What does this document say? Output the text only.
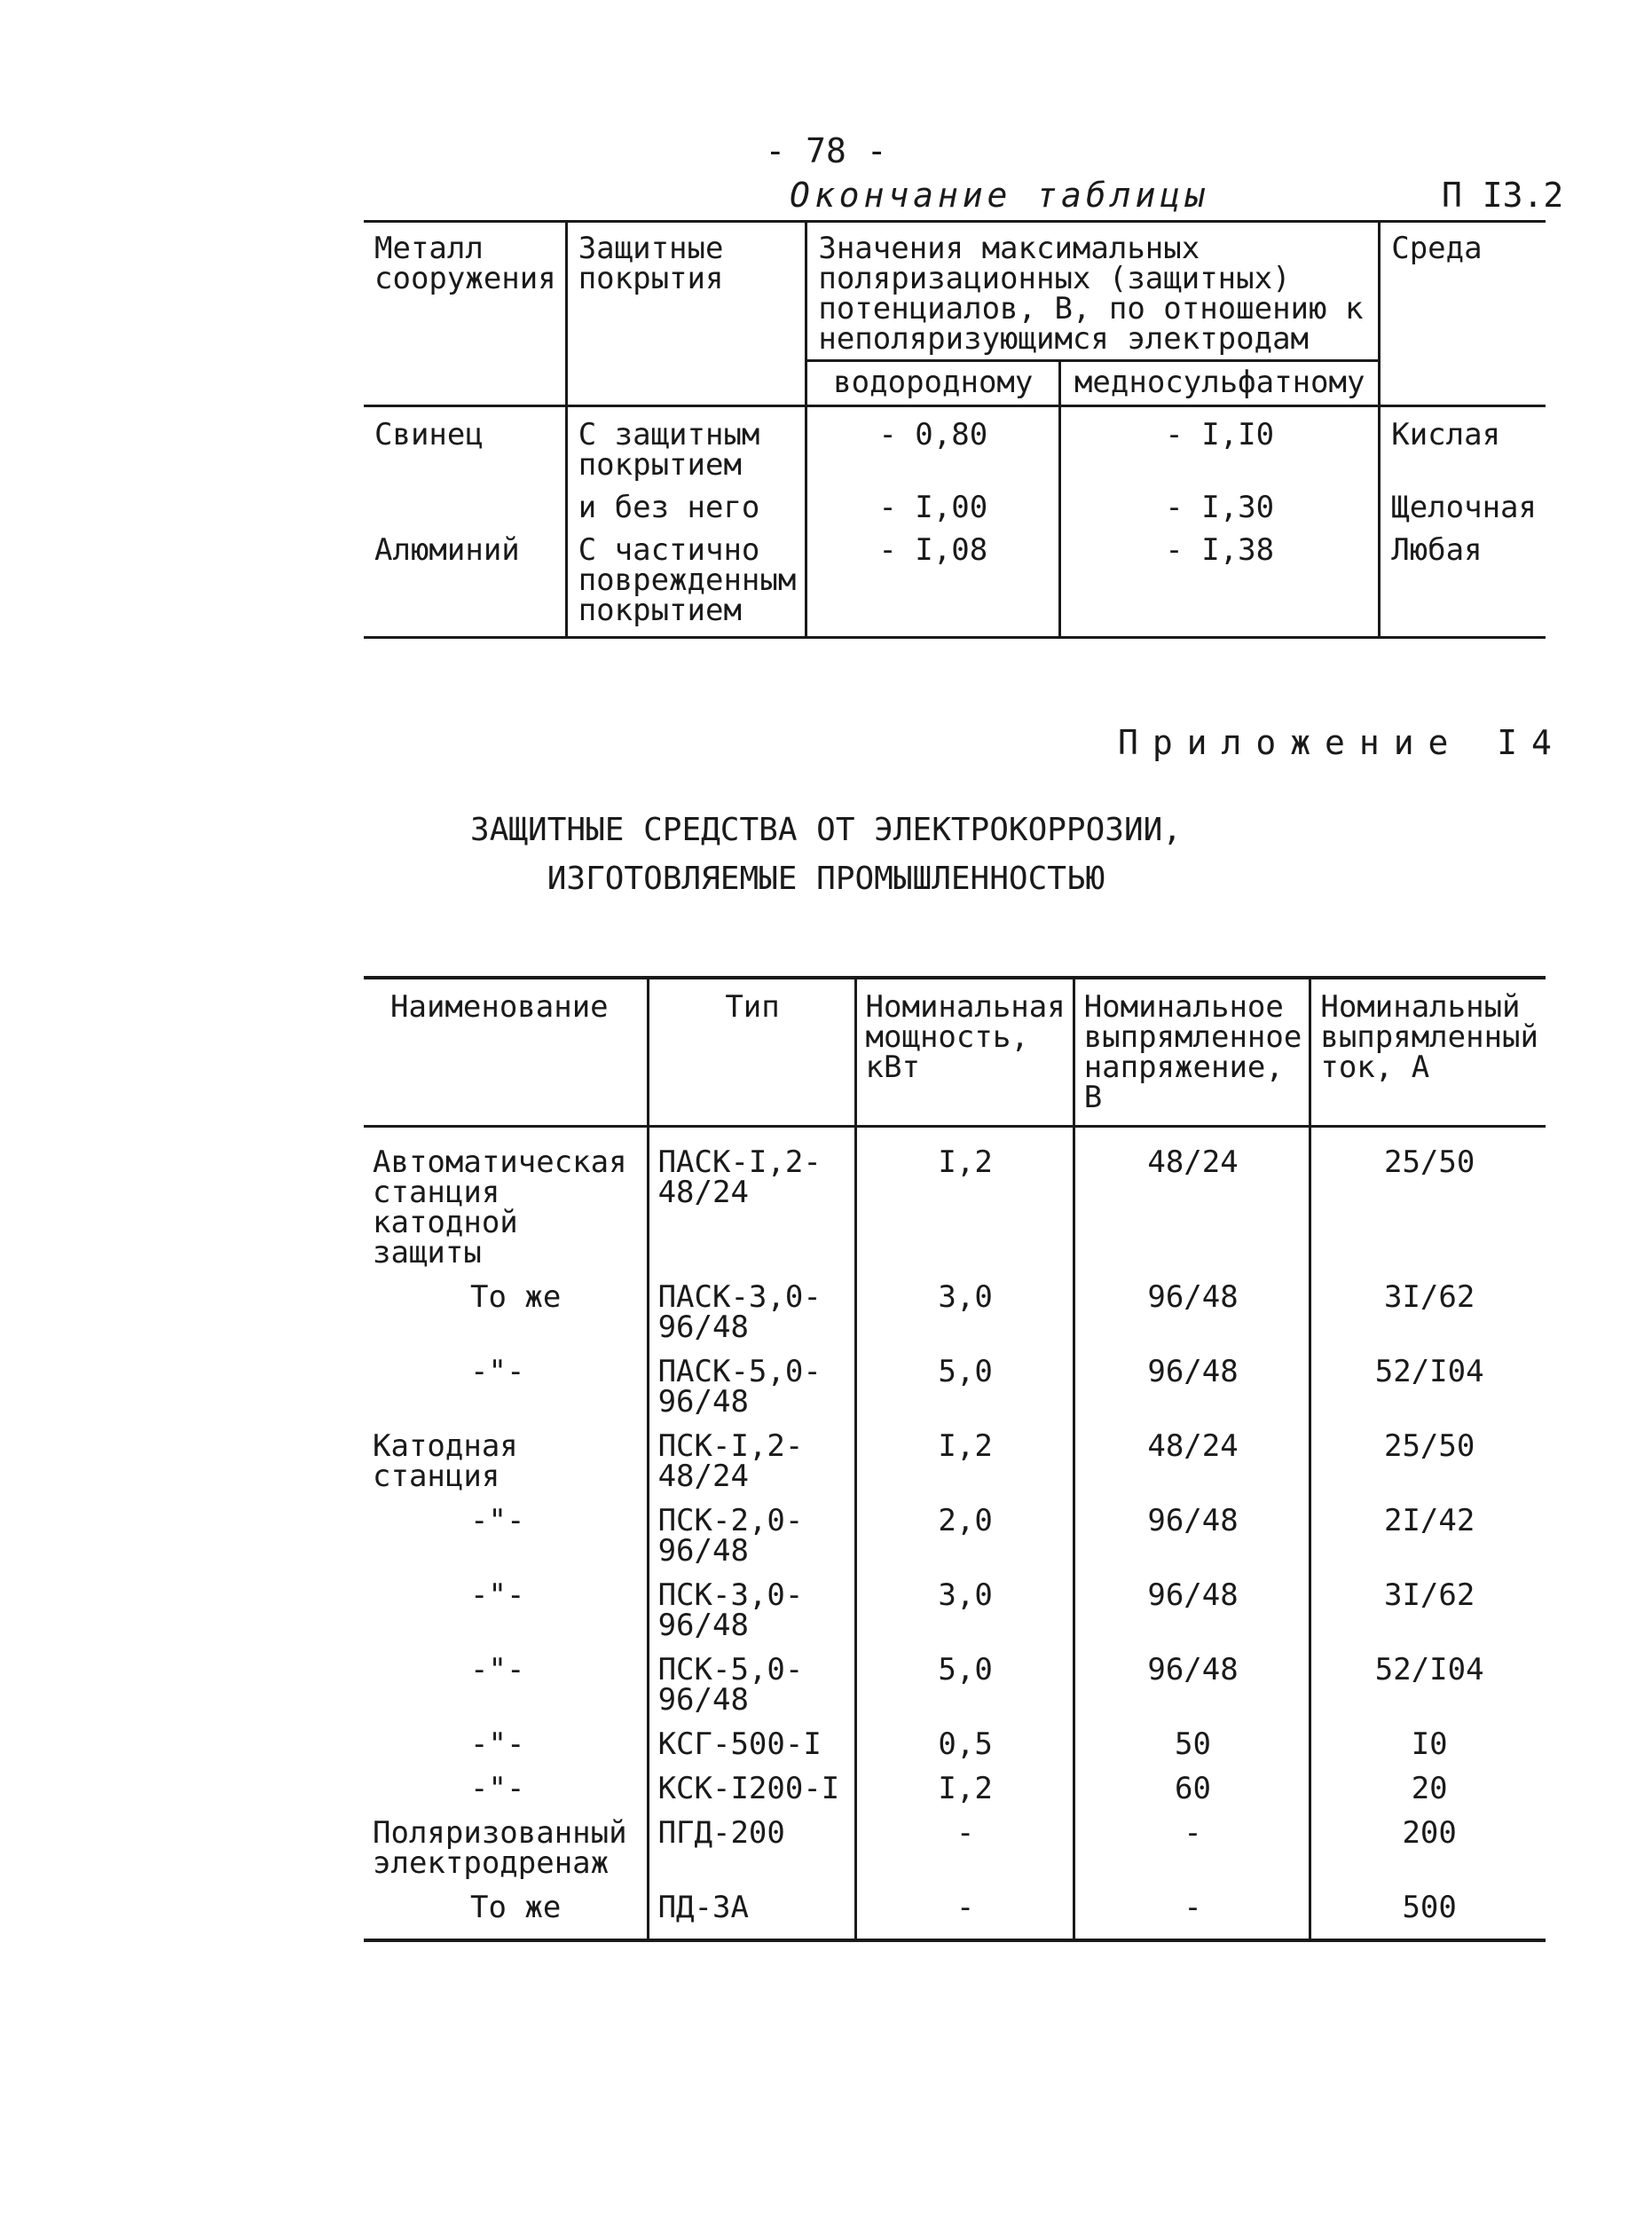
- 78 -
Окончание таблицы	П I3.2
Металл сооружения	Защитные покрытия	Значения максимальных поляризационных (защитных) потенциалов, В, по отношению к неполяризующимся электродам		Среда
		водородному	медносульфатному	
Свинец	С защитным покрытием	- 0,80	- I,I0	Кислая
	и без него	- I,00	- I,30	Щелочная
Алюминий	С частично поврежденным покрытием	- I,08	- I,38	Любая
Приложение I4
ЗАЩИТНЫЕ СРЕДСТВА ОТ ЭЛЕКТРОКОРРОЗИИ,
ИЗГОТОВЛЯЕМЫЕ ПРОМЫШЛЕННОСТЬЮ
Наименование	Тип	Номинальная мощность, кВт	Номинальное выпрямленное напряжение, В	Номинальный выпрямленный ток, А
Автоматическая станция катодной защиты	ПАСК-I,2-48/24	I,2	48/24	25/50
То же	ПАСК-3,0-96/48	3,0	96/48	3I/62
-"-	ПАСК-5,0-96/48	5,0	96/48	52/I04
Катодная станция	ПСК-I,2-48/24	I,2	48/24	25/50
-"-	ПСК-2,0-96/48	2,0	96/48	2I/42
-"-	ПСК-3,0-96/48	3,0	96/48	3I/62
-"-	ПСК-5,0-96/48	5,0	96/48	52/I04
-"-	КСГ-500-I	0,5	50	I0
-"-	КСК-I200-I	I,2	60	20
Поляризованный электродренаж	ПГД-200	-	-	200
То же	ПД-3А	-	-	500
